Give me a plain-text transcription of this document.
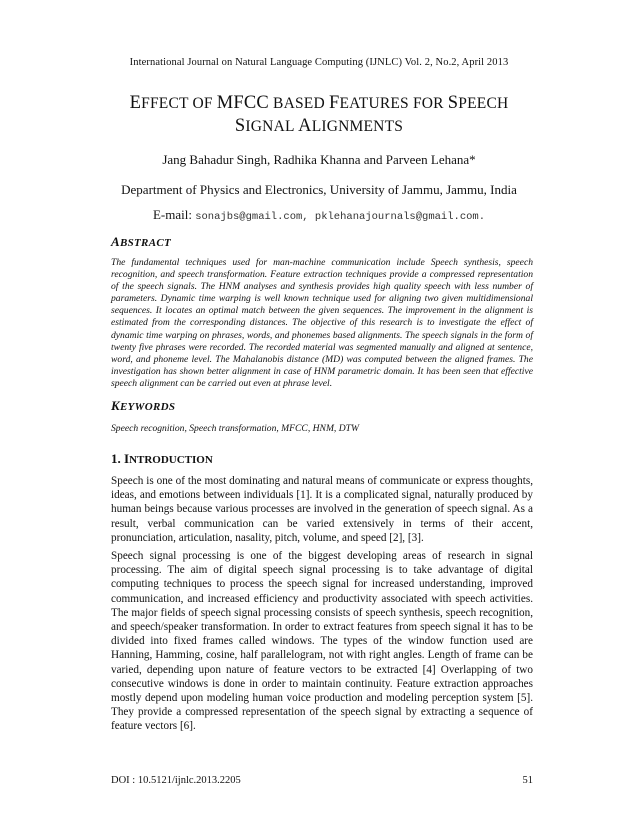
International Journal on Natural Language Computing (IJNLC) Vol. 2, No.2, April 2013
EFFECT OF MFCC BASED FEATURES FOR SPEECH
SIGNAL ALIGNMENTS
Jang Bahadur Singh, Radhika Khanna and Parveen Lehana*
Department of Physics and Electronics, University of Jammu, Jammu, India
E-mail: sonajbs@gmail.com, pklehanajournals@gmail.com.
ABSTRACT
The fundamental techniques used for man-machine communication include Speech synthesis, speech recognition, and speech transformation. Feature extraction techniques provide a compressed representation of the speech signals. The HNM analyses and synthesis provides high quality speech with less number of parameters. Dynamic time warping is well known technique used for aligning two given multidimensional sequences. It locates an optimal match between the given sequences. The improvement in the alignment is estimated from the corresponding distances. The objective of this research is to investigate the effect of dynamic time warping on phrases, words, and phonemes based alignments. The speech signals in the form of twenty five phrases were recorded. The recorded material was segmented manually and aligned at sentence, word, and phoneme level. The Mahalanobis distance (MD) was computed between the aligned frames. The investigation has shown better alignment in case of HNM parametric domain. It has been seen that effective speech alignment can be carried out even at phrase level.
KEYWORDS
Speech recognition, Speech transformation, MFCC, HNM, DTW
1. INTRODUCTION
Speech is one of the most dominating and natural means of communicate or express thoughts, ideas, and emotions between individuals [1]. It is a complicated signal, naturally produced by human beings because various processes are involved in the generation of speech signal. As a result, verbal communication can be varied extensively in terms of their accent, pronunciation, articulation, nasality, pitch, volume, and speed [2], [3].
Speech signal processing is one of the biggest developing areas of research in signal processing. The aim of digital speech signal processing is to take advantage of digital computing techniques to process the speech signal for increased understanding, improved communication, and increased efficiency and productivity associated with speech activities. The major fields of speech signal processing consists of speech synthesis, speech recognition, and speech/speaker transformation. In order to extract features from speech signal it has to be divided into fixed frames called windows. The types of the window function used are Hanning, Hamming, cosine, half parallelogram, not with right angles. Length of frame can be varied, depending upon nature of feature vectors to be extracted [4] Overlapping of two consecutive windows is done in order to maintain continuity. Feature extraction approaches mostly depend upon modeling human voice production and modeling perception system [5]. They provide a compressed representation of the speech signal by extracting a sequence of feature vectors [6].
DOI : 10.5121/ijnlc.2013.2205	51
